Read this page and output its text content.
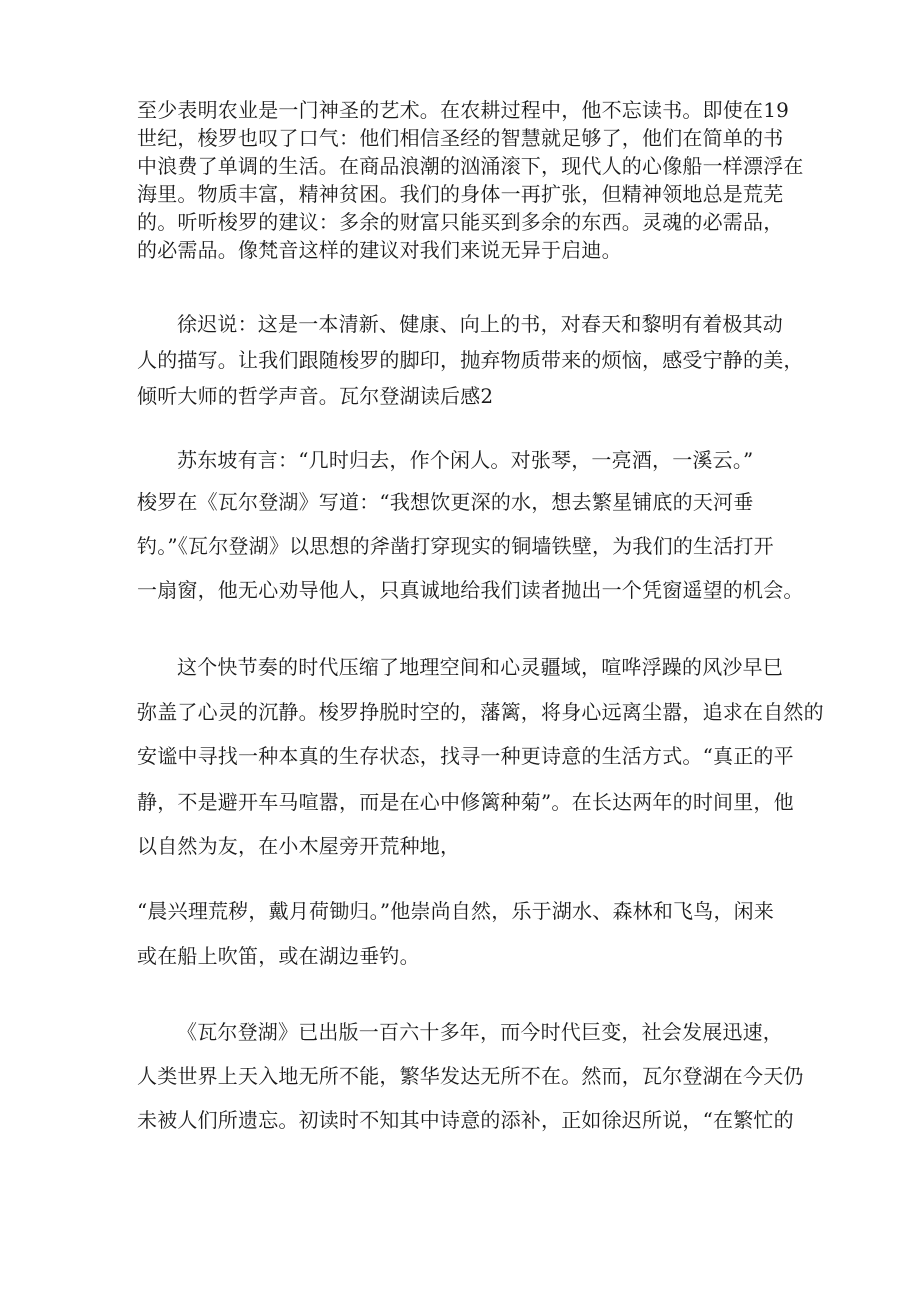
至少表明农业是一门神圣的艺术。在农耕过程中，他不忘读书。即使在19
世纪，梭罗也叹了口气：他们相信圣经的智慧就足够了，他们在简单的书
中浪费了单调的生活。在商品浪潮的汹涌滚下，现代人的心像船一样漂浮在
海里。物质丰富，精神贫困。我们的身体一再扩张，但精神领地总是荒芜
的。听听梭罗的建议：多余的财富只能买到多余的东西。灵魂的必需品，
的必需品。像梵音这样的建议对我们来说无异于启迪。
徐迟说：这是一本清新、健康、向上的书，对春天和黎明有着极其动
人的描写。让我们跟随梭罗的脚印，抛弃物质带来的烦恼，感受宁静的美，
倾听大师的哲学声音。瓦尔登湖读后感2
苏东坡有言：“几时归去，作个闲人。对张琴，一亮酒，一溪云。”
梭罗在《瓦尔登湖》写道：“我想饮更深的水，想去繁星铺底的天河垂
钓。”《瓦尔登湖》以思想的斧凿打穿现实的铜墙铁壁，为我们的生活打开
一扇窗，他无心劝导他人，只真诚地给我们读者抛出一个凭窗遥望的机会。
这个快节奏的时代压缩了地理空间和心灵疆域，喧哗浮躁的风沙早巳
弥盖了心灵的沉静。梭罗挣脱时空的，藩篱，将身心远离尘嚣，追求在自然的
安谧中寻找一种本真的生存状态，找寻一种更诗意的生活方式。“真正的平
静，不是避开车马喧嚣，而是在心中修篱种菊”。在长达两年的时间里，他
以自然为友，在小木屋旁开荒种地，
“晨兴理荒秽，戴月荷锄归。”他崇尚自然，乐于湖水、森林和飞鸟，闲来
或在船上吹笛，或在湖边垂钓。
《瓦尔登湖》已出版一百六十多年，而今时代巨变，社会发展迅速，
人类世界上天入地无所不能，繁华发达无所不在。然而，瓦尔登湖在今天仍
未被人们所遗忘。初读时不知其中诗意的添补，正如徐迟所说，“在繁忙的
